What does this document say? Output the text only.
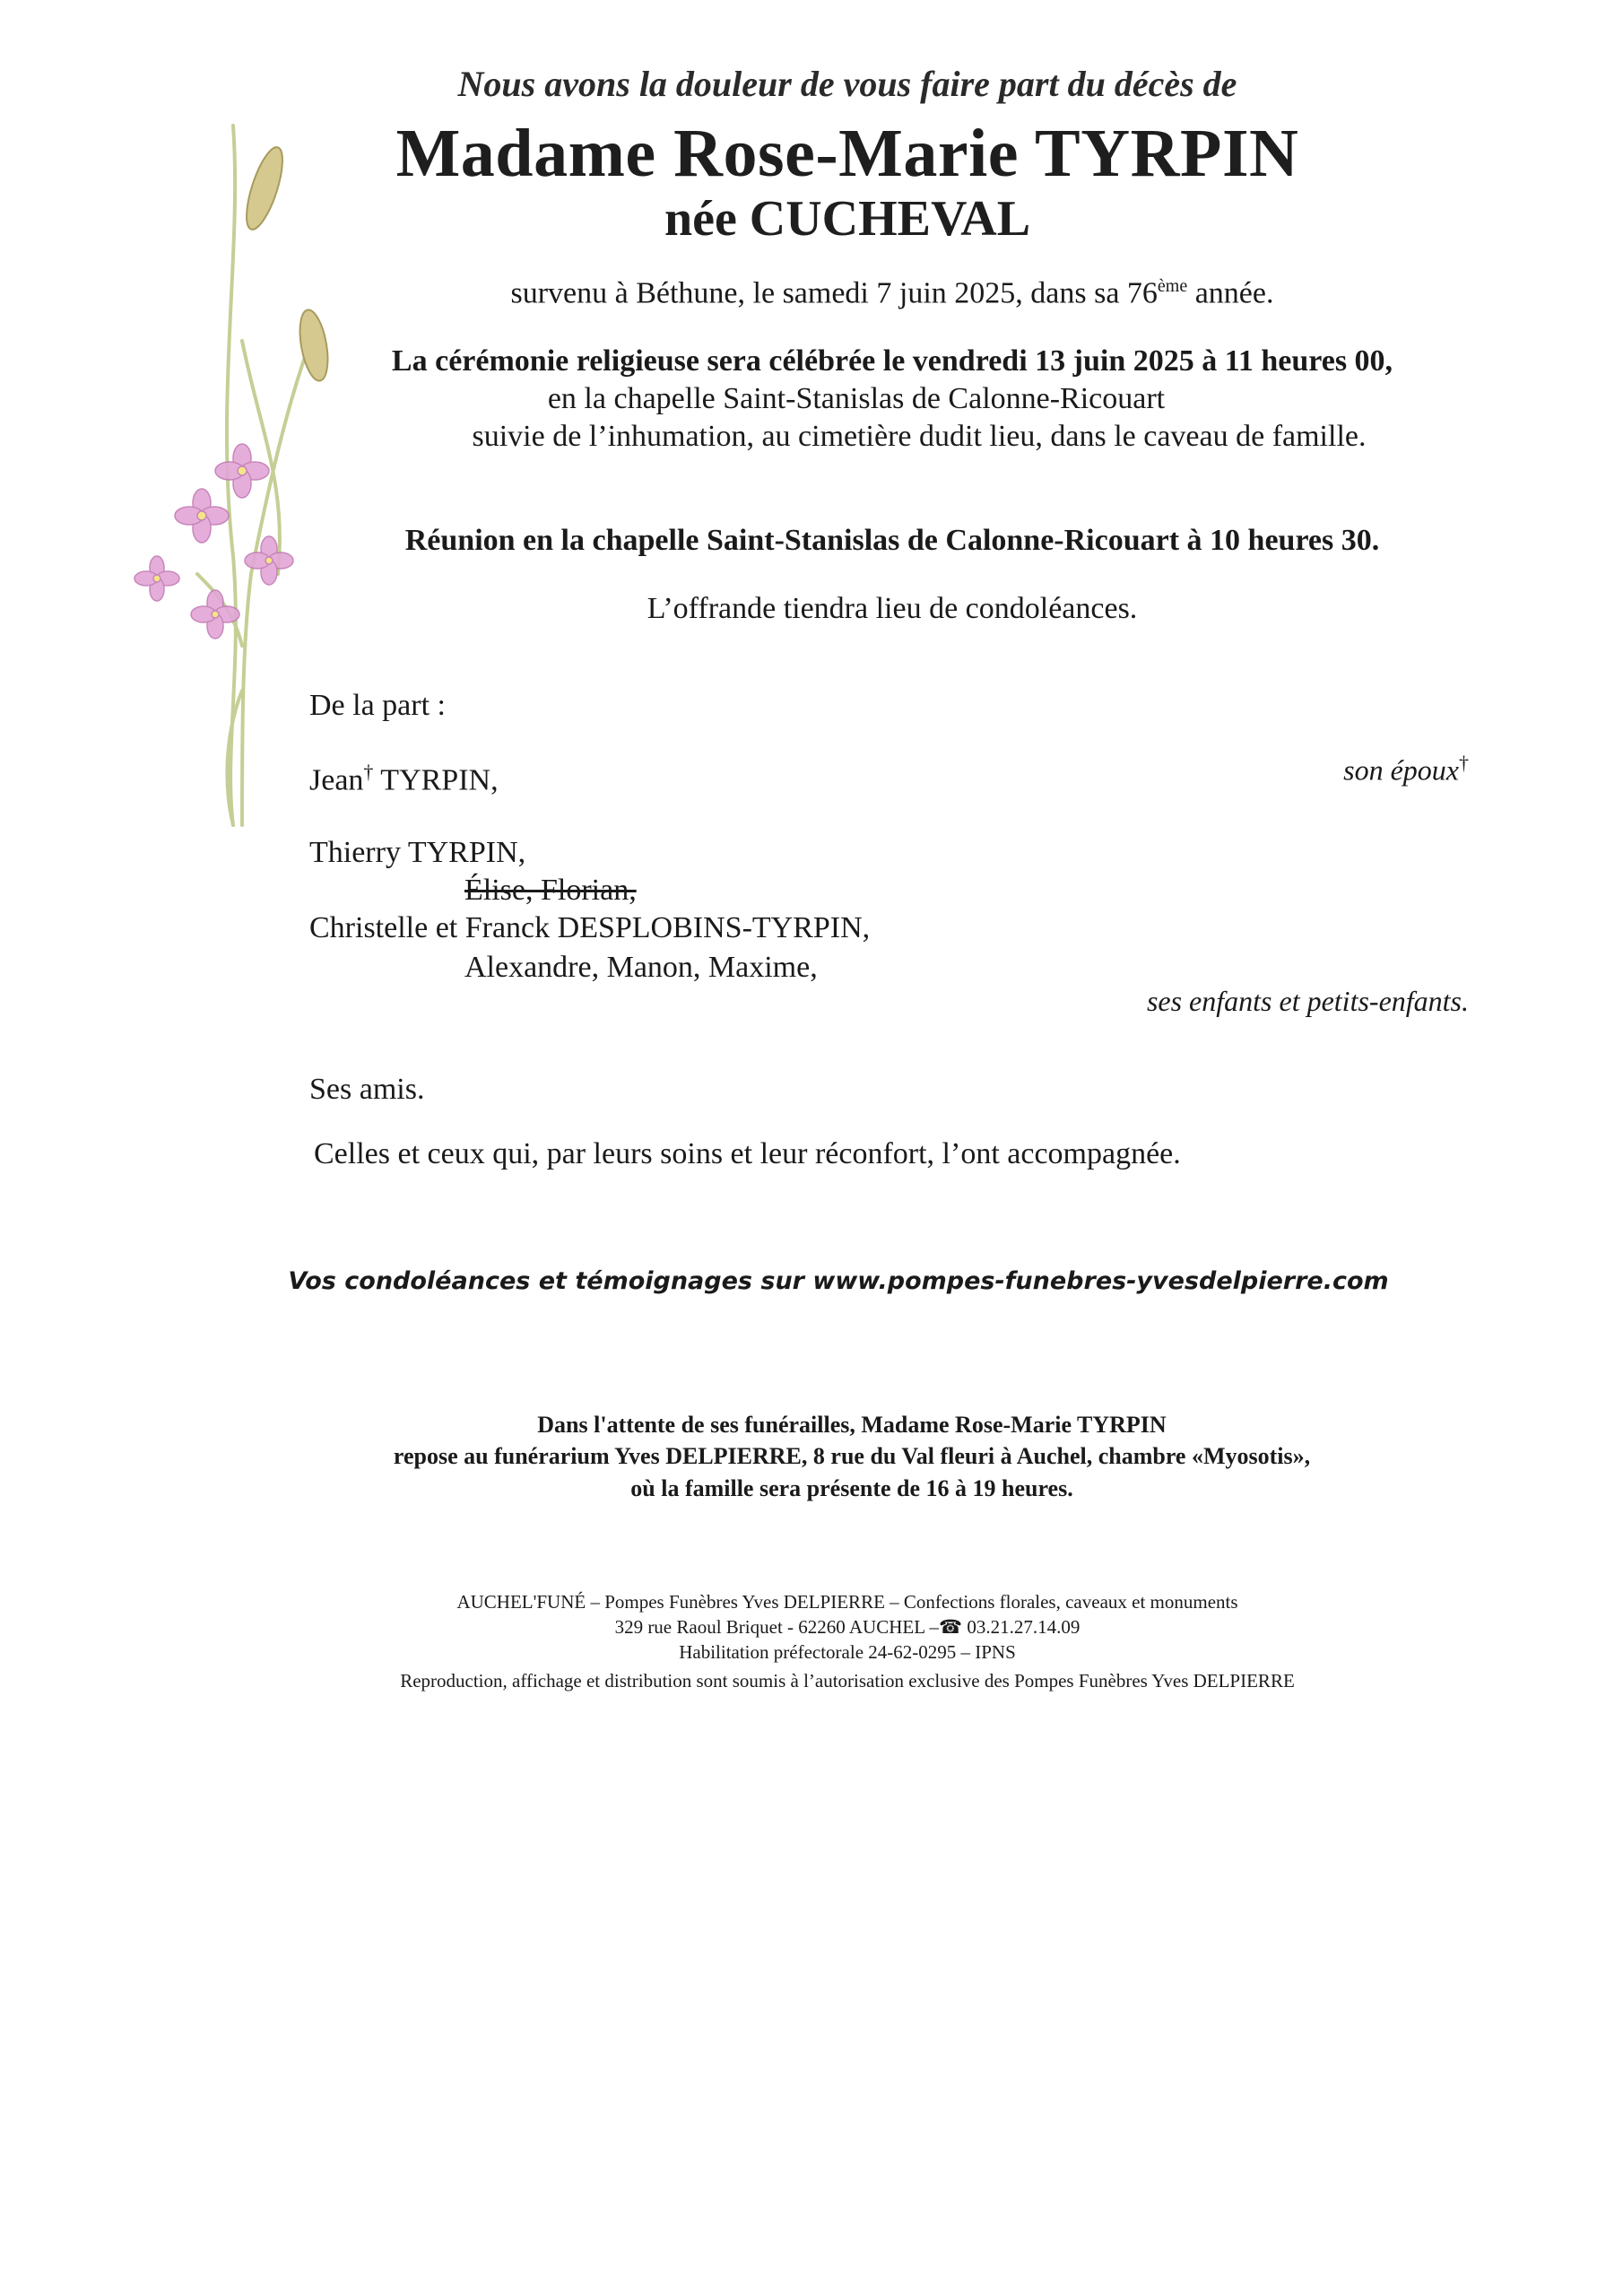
Nous avons la douleur de vous faire part du décès de
Madame Rose-Marie TYRPIN
née CUCHEVAL
survenu à Béthune, le samedi 7 juin 2025, dans sa 76ème année.
La cérémonie religieuse sera célébrée le vendredi 13 juin 2025 à 11 heures 00,
en la chapelle Saint-Stanislas de Calonne-Ricouart
suivie de l’inhumation, au cimetière dudit lieu, dans le caveau de famille.
Réunion en la chapelle Saint-Stanislas de Calonne-Ricouart à 10 heures 30.
L’offrande tiendra lieu de condoléances.
De la part :
Jean† TYRPIN,	son époux†
Thierry TYRPIN,
Élise, Florian,
Christelle et Franck DESPLOBINS-TYRPIN,
Alexandre, Manon, Maxime,
ses enfants et petits-enfants.
Ses amis.
Celles et ceux qui, par leurs soins et leur réconfort, l’ont accompagnée.
Vos condoléances et témoignages sur www.pompes-funebres-yvesdelpierre.com
Dans l'attente de ses funérailles, Madame Rose-Marie TYRPIN
repose au funérarium Yves DELPIERRE, 8 rue du Val fleuri à Auchel, chambre «Myosotis»,
où la famille sera présente de 16 à 19 heures.
AUCHEL'FUNÉ – Pompes Funèbres Yves DELPIERRE – Confections florales, caveaux et monuments
329 rue Raoul Briquet - 62260 AUCHEL –☎ 03.21.27.14.09
Habilitation préfectorale 24-62-0295 – IPNS
Reproduction, affichage et distribution sont soumis à l’autorisation exclusive des Pompes Funèbres Yves DELPIERRE
